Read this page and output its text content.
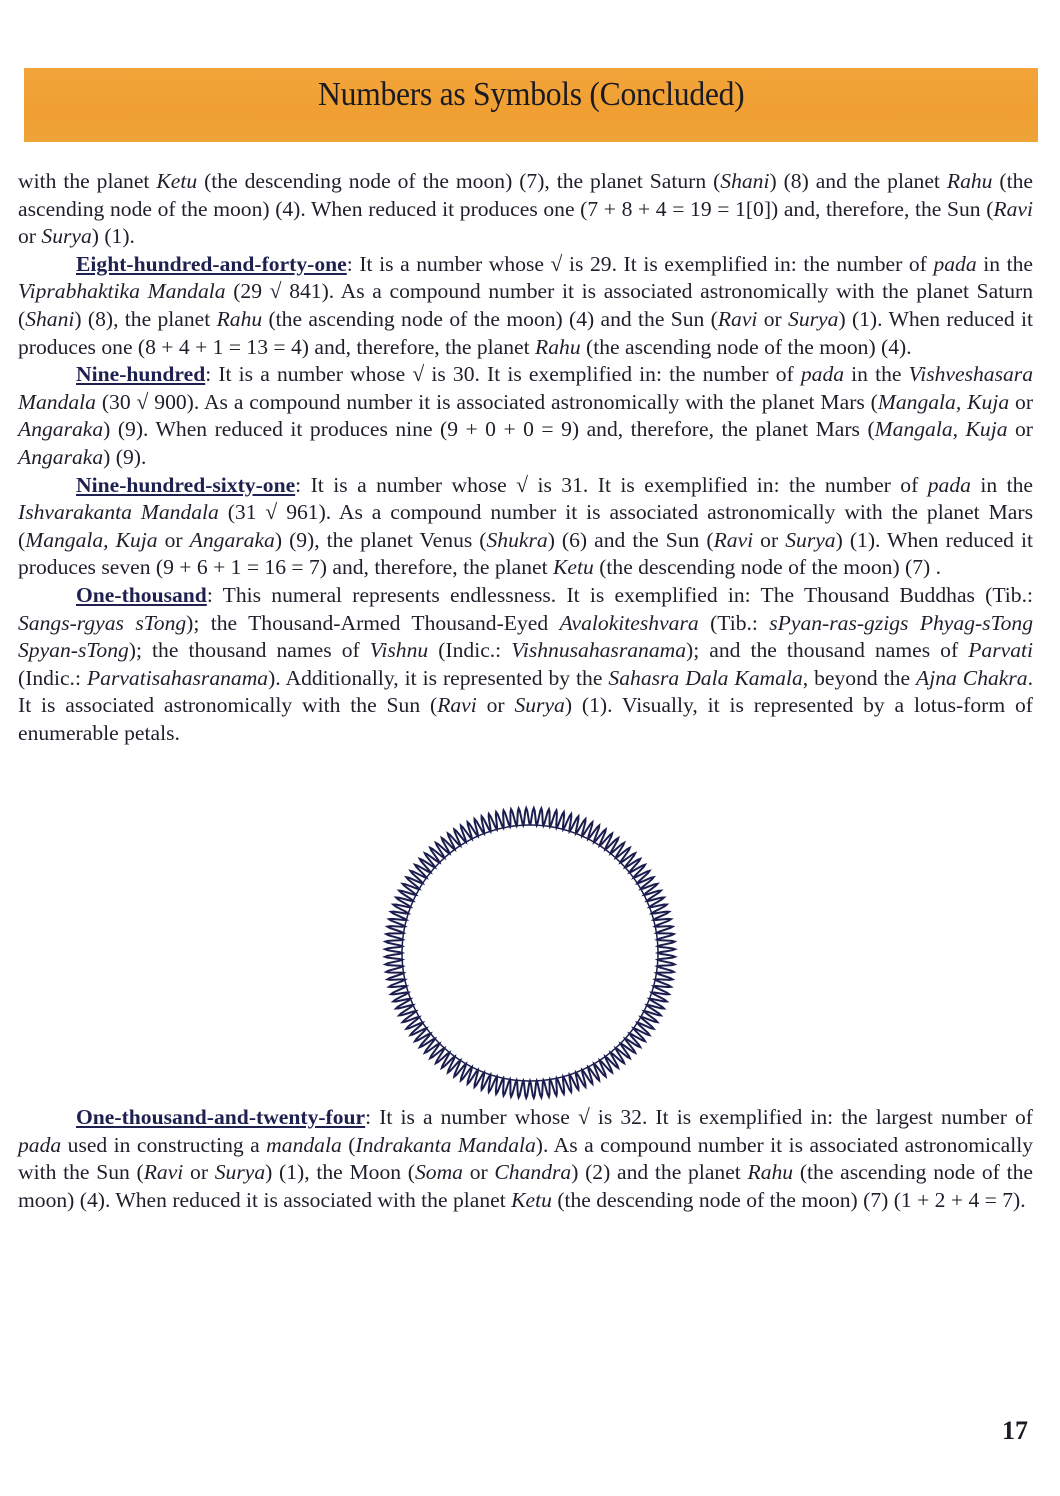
Numbers as Symbols (Concluded)

with the planet Ketu (the descending node of the moon) (7), the planet Saturn (Shani) (8) and the planet Rahu (the ascending node of the moon) (4). When reduced it produces one (7 + 8 + 4 = 19 = 1[0]) and, therefore, the Sun (Ravi or Surya) (1).

Eight-hundred-and-forty-one: It is a number whose √ is 29. It is exemplified in: the number of pada in the Viprabhaktika Mandala (29 √ 841). As a compound number it is associated astronomically with the planet Saturn (Shani) (8), the planet Rahu (the ascending node of the moon) (4) and the Sun (Ravi or Surya) (1). When reduced it produces one (8 + 4 + 1 = 13 = 4) and, therefore, the planet Rahu (the ascending node of the moon) (4).

Nine-hundred: It is a number whose √ is 30. It is exemplified in: the number of pada in the Vishveshasara Mandala (30 √ 900). As a compound number it is associated astronomically with the planet Mars (Mangala, Kuja or Angaraka) (9). When reduced it produces nine (9 + 0 + 0 = 9) and, therefore, the planet Mars (Mangala, Kuja or Angaraka) (9).

Nine-hundred-sixty-one: It is a number whose √ is 31. It is exemplified in: the number of pada in the Ishvarakanta Mandala (31 √ 961). As a compound number it is associated astronomically with the planet Mars (Mangala, Kuja or Angaraka) (9), the planet Venus (Shukra) (6) and the Sun (Ravi or Surya) (1). When reduced it produces seven (9 + 6 + 1 = 16 = 7) and, therefore, the planet Ketu (the descending node of the moon) (7) .

One-thousand: This numeral represents endlessness. It is exemplified in: The Thousand Buddhas (Tib.: Sangs-rgyas sTong); the Thousand-Armed Thousand-Eyed Avalokiteshvara (Tib.: sPyan-ras-gzigs Phyag-sTong Spyan-sTong); the thousand names of Vishnu (Indic.: Vishnusahasranama); and the thousand names of Parvati (Indic.: Parvatisahasranama). Additionally, it is represented by the Sahasra Dala Kamala, beyond the Ajna Chakra. It is associated astronomically with the Sun (Ravi or Surya) (1). Visually, it is represented by a lotus-form of enumerable petals.

One-thousand-and-twenty-four: It is a number whose √ is 32. It is exemplified in: the largest number of pada used in constructing a mandala (Indrakanta Mandala). As a compound number it is associated astronomically with the Sun (Ravi or Surya) (1), the Moon (Soma or Chandra) (2) and the planet Rahu (the ascending node of the moon) (4). When reduced it is associated with the planet Ketu (the descending node of the moon) (7) (1 + 2 + 4 = 7).

17
